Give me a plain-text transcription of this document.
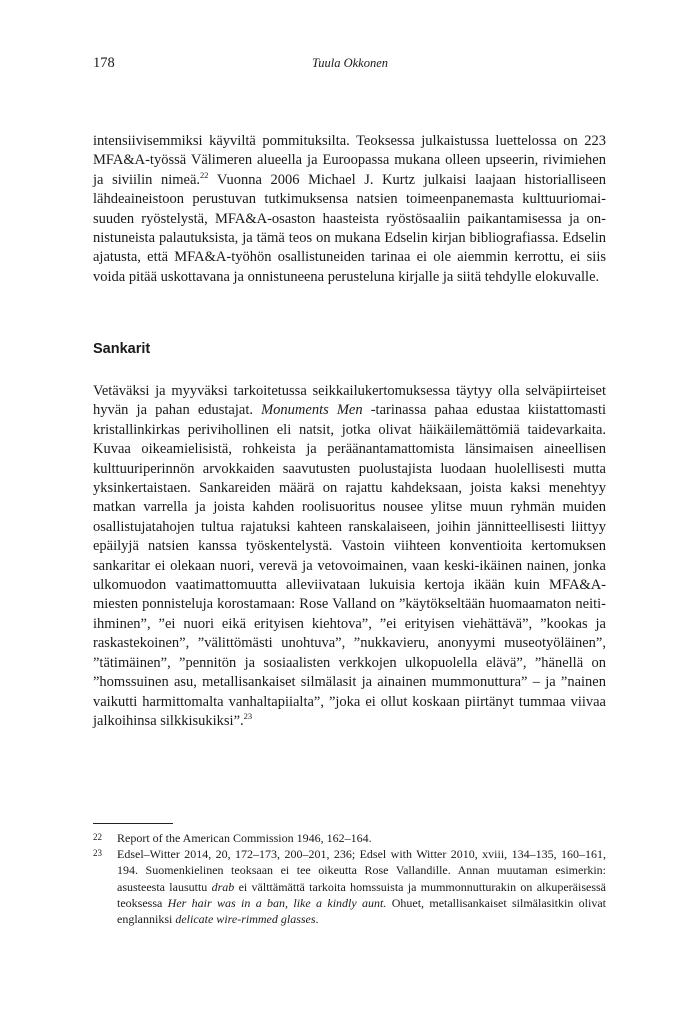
178	Tuula Okkonen

intensiivisemmiksi käyviltä pommituksilta. Teoksessa julkaistussa luettelossa on 223 MFA&A-työssä Välimeren alueella ja Euroopassa mukana olleen upseerin, rivimiehen ja siviilin nimeä.$^{22}$ Vuonna 2006 Michael J. Kurtz julkaisi laajaan historialliseen lähdeaineistoon perustuvan tutkimuksensa natsien toimeenpanemasta kulttuuriomaisuuden ryöstelystä, MFA&A-osaston haasteista ryöstösaaliin paikantamisessa ja onnistuneista palautuksista, ja tämä teos on mukana Edselin kirjan bibliografiassa. Edselin ajatusta, että MFA&A-työhön osallistuneiden tarinaa ei ole aiemmin kerrottu, ei siis voida pitää uskottavana ja onnistuneena perusteluna kirjalle ja siitä tehdylle elokuvalle.

Sankarit

Vetäväksi ja myyväksi tarkoitetussa seikkailukertomuksessa täytyy olla selväpiirteiset hyvän ja pahan edustajat. Monuments Men -tarinassa pahaa edustaa kiistattomasti kristallinkirkas perivihollinen eli natsit, jotka olivat häikäilemättömiä taidevarkaita. Kuvaa oikeamielisistä, rohkeista ja peräänantamattomista länsimaisen aineellisen kulttuuriperinnön arvokkaiden saavutusten puolustajista luodaan huolellisesti mutta yksinkertaistaen. Sankareiden määrä on rajattu kahdeksaan, joista kaksi menehtyy matkan varrella ja joista kahden roolisuoritus nousee ylitse muun ryhmän muiden osallistujatahojen tultua rajatuksi kahteen ranskalaiseen, joihin jännitteellisesti liittyy epäilyjä natsien kanssa työskentelystä. Vastoin viihteen konventioita kertomuksen sankaritar ei olekaan nuori, verevä ja vetovoimainen, vaan keski-ikäinen nainen, jonka ulkomuodon vaatimattomuutta alleviivataan lukuisia kertoja ikään kuin MFA&A-miesten ponnisteluja korostamaan: Rose Valland on ”käytökseltään huomaamaton neiti-ihminen”, ”ei nuori eikä erityisen kiehtova”, ”ei erityisen viehättävä”, ”kookas ja raskastekoinen”, ”välittömästi unohtuva”, ”nukkavieru, anonyymi museotyöläinen”, ”tätimäinen”, ”pennitön ja sosiaalisten verkkojen ulkopuolella elävä”, ”hänellä on ”homssuinen asu, metallisankaiset silmälasit ja ainainen mummonuttura” – ja ”nainen vaikutti harmittomalta vanhaltapiialta”, ”joka ei ollut koskaan piirtänyt tummaa viivaa jalkoihinsa silkkisukiksi”.$^{23}$

22	Report of the American Commission 1946, 162–164.
23	Edsel–Witter 2014, 20, 172–173, 200–201, 236; Edsel with Witter 2010, xviii, 134–135, 160–161, 194. Suomenkielinen teoksaan ei tee oikeutta Rose Vallandille. Annan muutaman esimerkin: asusteesta lausuttu drab ei välttämättä tarkoita homssuista ja mummonnutturakin on alkuperäisessä teoksessa Her hair was in a ban, like a kindly aunt. Ohuet, metallisankaiset silmälasitkin olivat englanniksi delicate wire-rimmed glasses.
